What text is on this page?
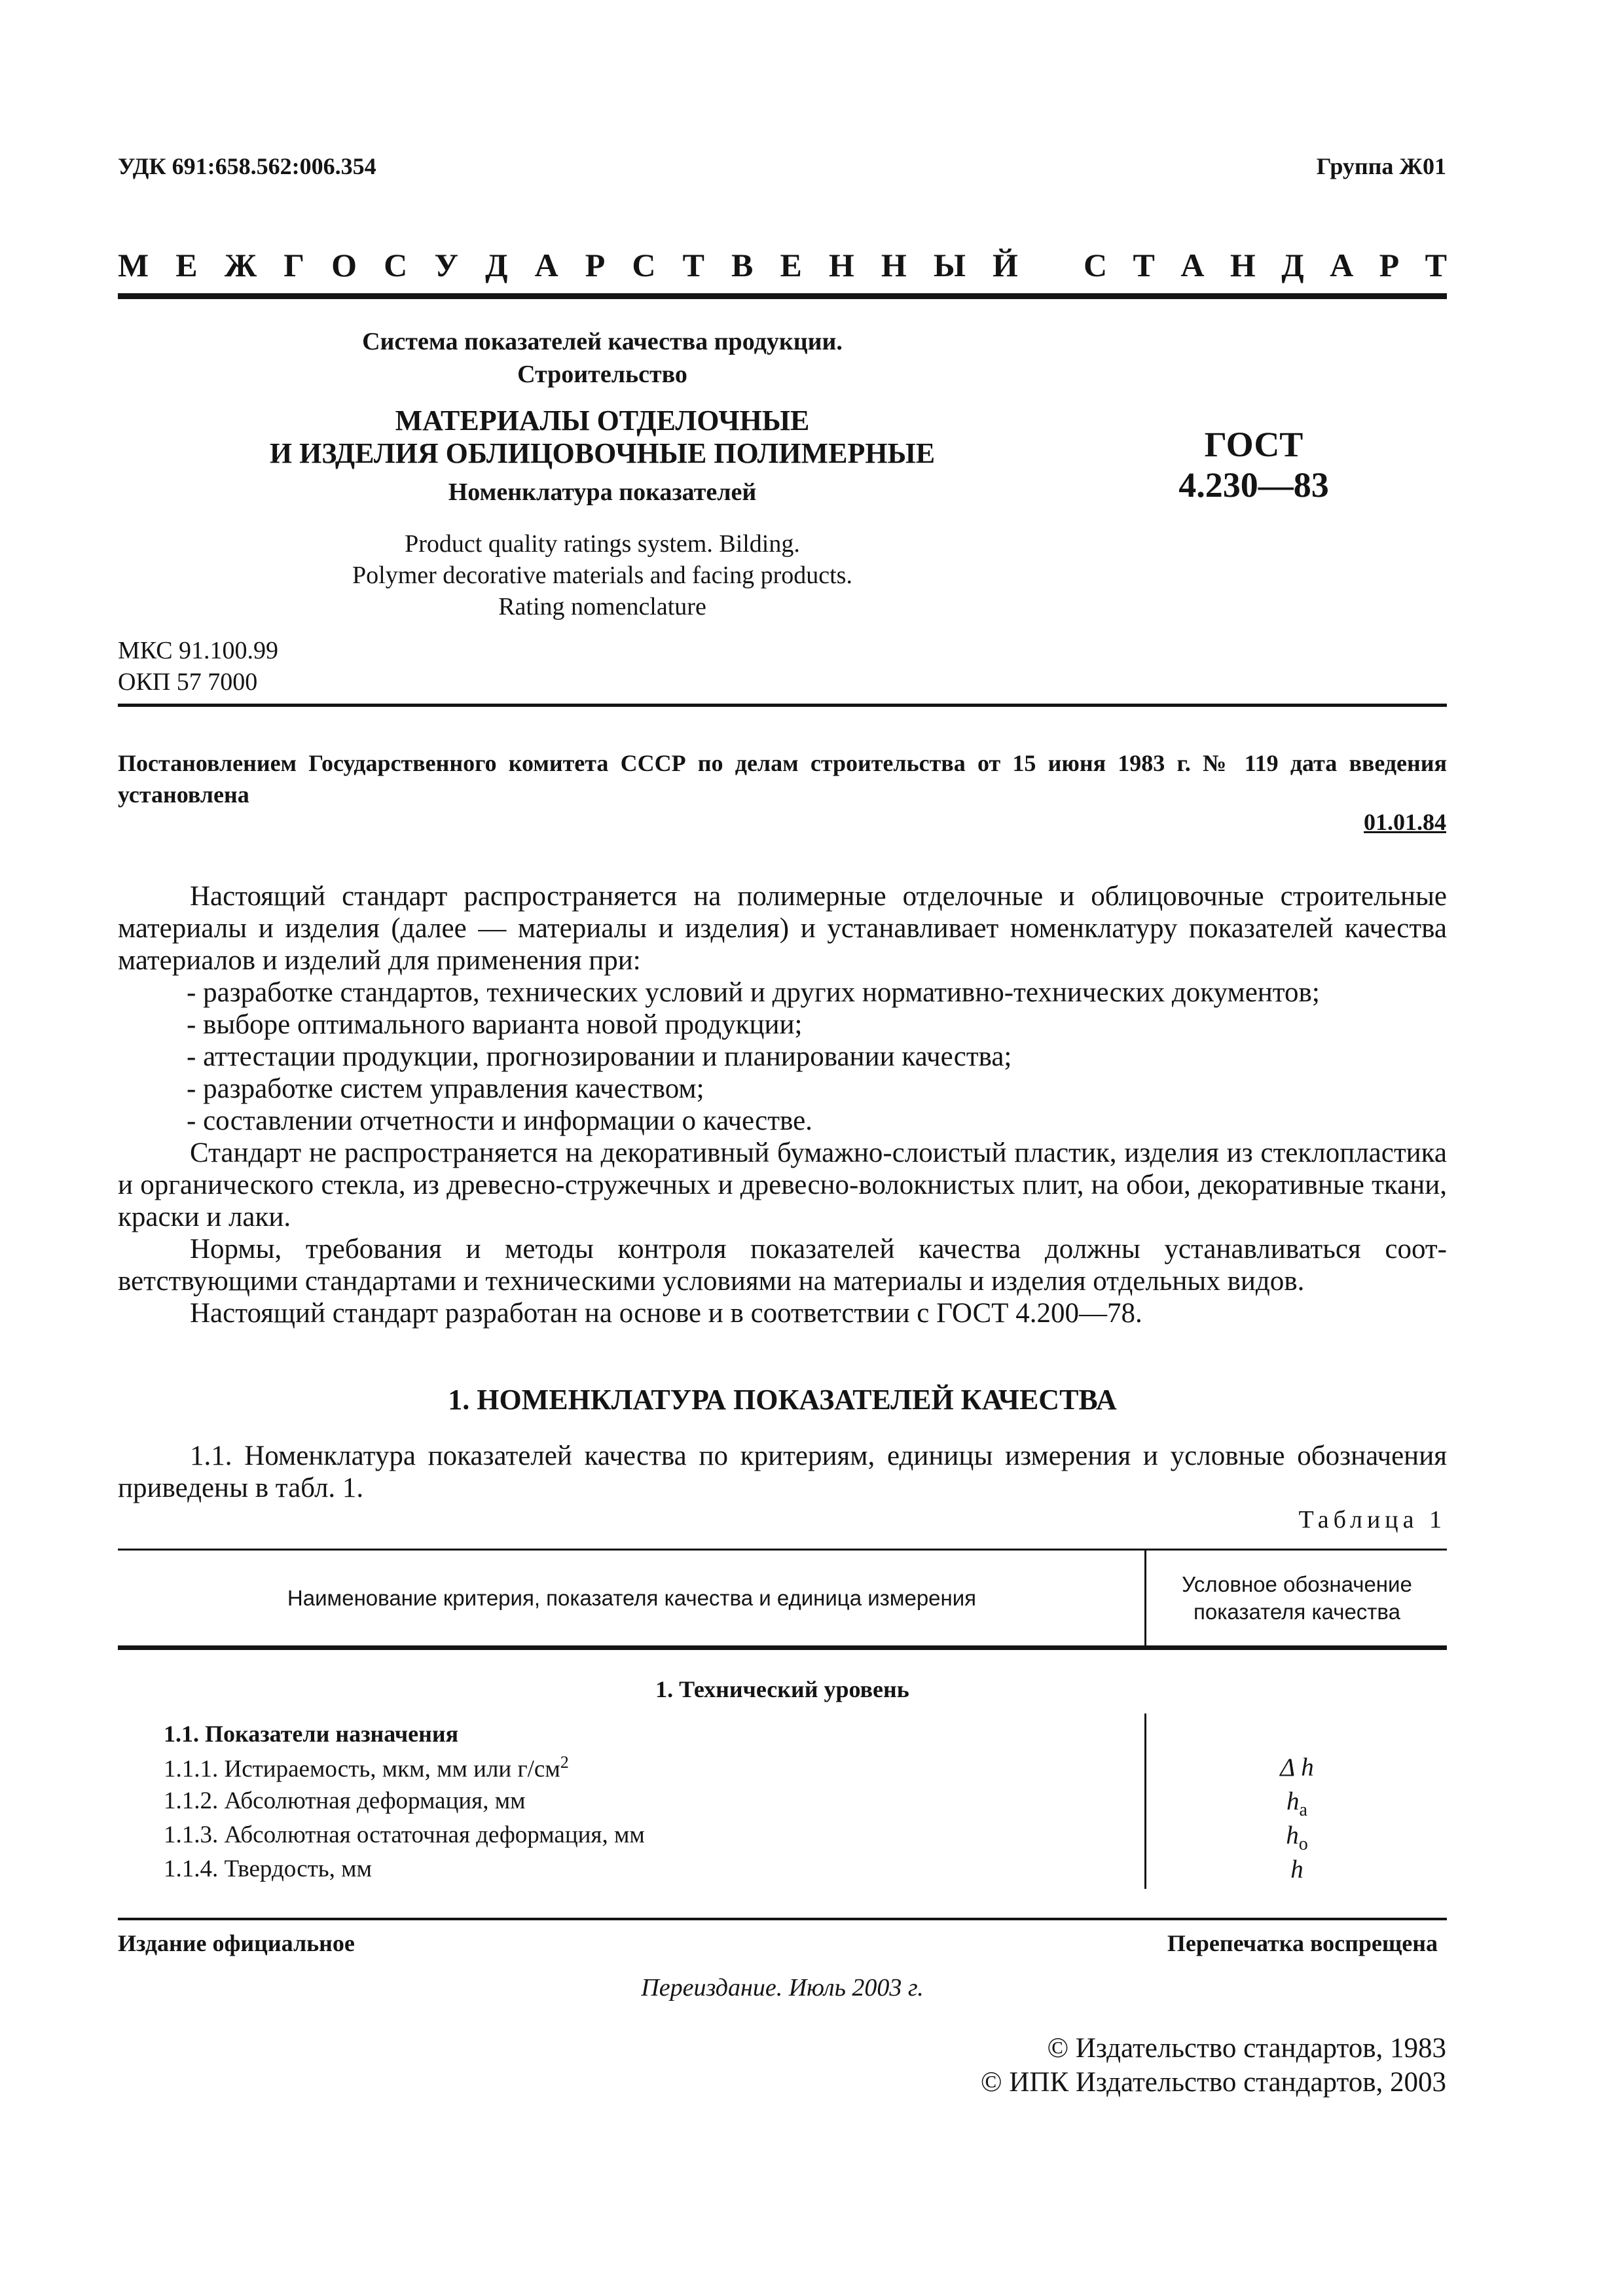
УДК 691:658.562:006.354	Группа Ж01
М Е Ж Г О С У Д А Р С Т В Е Н Н Ы Й С Т А Н Д А Р Т
Система показателей качества продукции.
Строительство
МАТЕРИАЛЫ ОТДЕЛОЧНЫЕ
И ИЗДЕЛИЯ ОБЛИЦОВОЧНЫЕ ПОЛИМЕРНЫЕ
Номенклатура показателей
ГОСТ
4.230—83
Product quality ratings system. Bilding.
Polymer decorative materials and facing products.
Rating nomenclature
МКС 91.100.99
ОКП 57 7000
Постановлением Государственного комитета СССР по делам строительства от 15 июня 1983 г. № 119 дата введения установлена
01.01.84

Настоящий стандарт распространяется на полимерные отделочные и облицовочные строительные материалы и изделия (далее — материалы и изделия) и устанавливает номенклатуру показателей качества материалов и изделий для применения при:

- разработке стандартов, технических условий и других нормативно-технических документов;

- выборе оптимального варианта новой продукции;

- аттестации продукции, прогнозировании и планировании качества;

- разработке систем управления качеством;

- составлении отчетности и информации о качестве.

Стандарт не распространяется на декоративный бумажно-слоистый пластик, изделия из стеклопластика и органического стекла, из древесно-стружечных и древесно-волокнистых плит, на обои, декоративные ткани, краски и лаки.

Нормы, требования и методы контроля показателей качества должны устанавливаться соответствующими стандартами и техническими условиями на материалы и изделия отдельных видов.

Настоящий стандарт разработан на основе и в соответствии с ГОСТ 4.200—78.

1. НОМЕНКЛАТУРА ПОКАЗАТЕЛЕЙ КАЧЕСТВА
1.1. Номенклатура показателей качества по критериям, единицы измерения и условные обозначения приведены в табл. 1.
Таблица 1
Наименование критерия, показателя качества и единица измерения
Условное обозначение
показателя качества
1. Технический уровень
1.1. Показатели назначения
1.1.1. Истираемость, мкм, мм или $г/см^2$	Δ h
1.1.2. Абсолютная деформация, мм	$h_а$
1.1.3. Абсолютная остаточная деформация, мм	$h_о$
1.1.4. Твердость, мм	h
Издание официальное	Перепечатка воспрещена
Переиздание. Июль 2003 г.
© Издательство стандартов, 1983
© ИПК Издательство стандартов, 2003
